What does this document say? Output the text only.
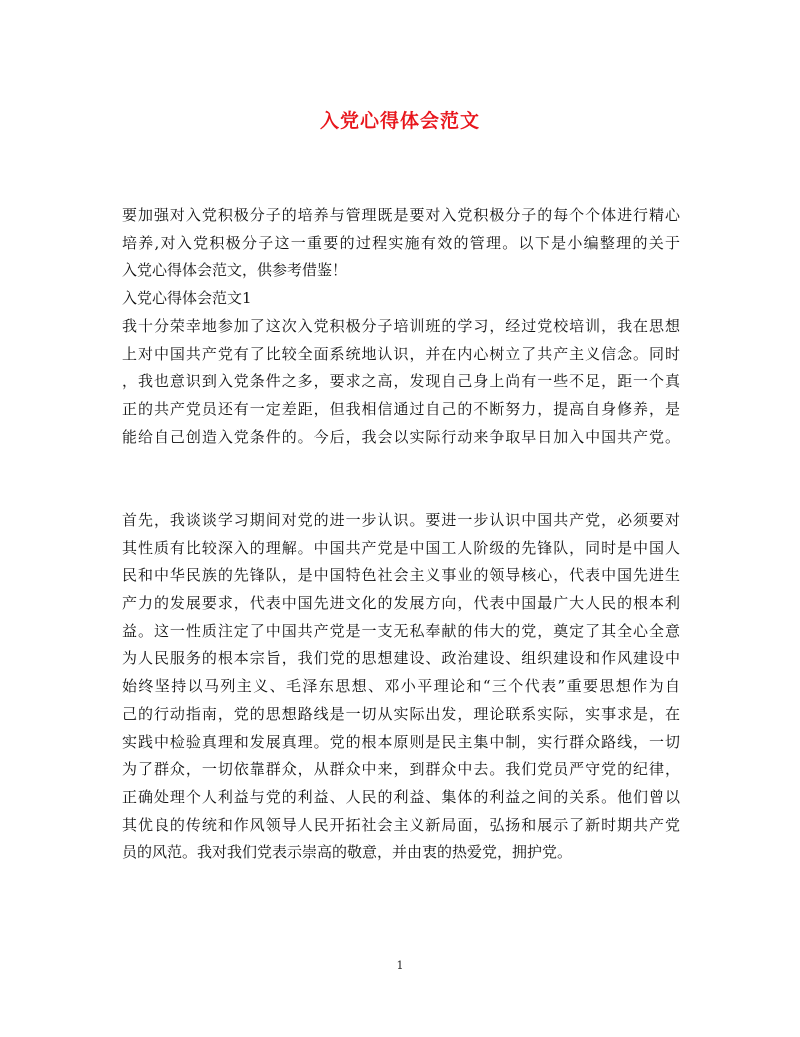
入党心得体会范文
要加强对入党积极分子的培养与管理既是要对入党积极分子的每个个体进行精心
培养,对入党积极分子这一重要的过程实施有效的管理。以下是小编整理的关于
入党心得体会范文，供参考借鉴！
入党心得体会范文1
我十分荣幸地参加了这次入党积极分子培训班的学习，经过党校培训，我在思想
上对中国共产党有了比较全面系统地认识，并在内心树立了共产主义信念。同时
，我也意识到入党条件之多，要求之高，发现自己身上尚有一些不足，距一个真
正的共产党员还有一定差距，但我相信通过自己的不断努力，提高自身修养，是
能给自己创造入党条件的。今后，我会以实际行动来争取早日加入中国共产党。
首先，我谈谈学习期间对党的进一步认识。要进一步认识中国共产党，必须要对
其性质有比较深入的理解。中国共产党是中国工人阶级的先锋队，同时是中国人
民和中华民族的先锋队，是中国特色社会主义事业的领导核心，代表中国先进生
产力的发展要求，代表中国先进文化的发展方向，代表中国最广大人民的根本利
益。这一性质注定了中国共产党是一支无私奉献的伟大的党，奠定了其全心全意
为人民服务的根本宗旨，我们党的思想建设、政治建设、组织建设和作风建设中
始终坚持以马列主义、毛泽东思想、邓小平理论和“三个代表”重要思想作为自
己的行动指南，党的思想路线是一切从实际出发，理论联系实际，实事求是，在
实践中检验真理和发展真理。党的根本原则是民主集中制，实行群众路线，一切
为了群众，一切依靠群众，从群众中来，到群众中去。我们党员严守党的纪律，
正确处理个人利益与党的利益、人民的利益、集体的利益之间的关系。他们曾以
其优良的传统和作风领导人民开拓社会主义新局面，弘扬和展示了新时期共产党
员的风范。我对我们党表示崇高的敬意，并由衷的热爱党，拥护党。
1
